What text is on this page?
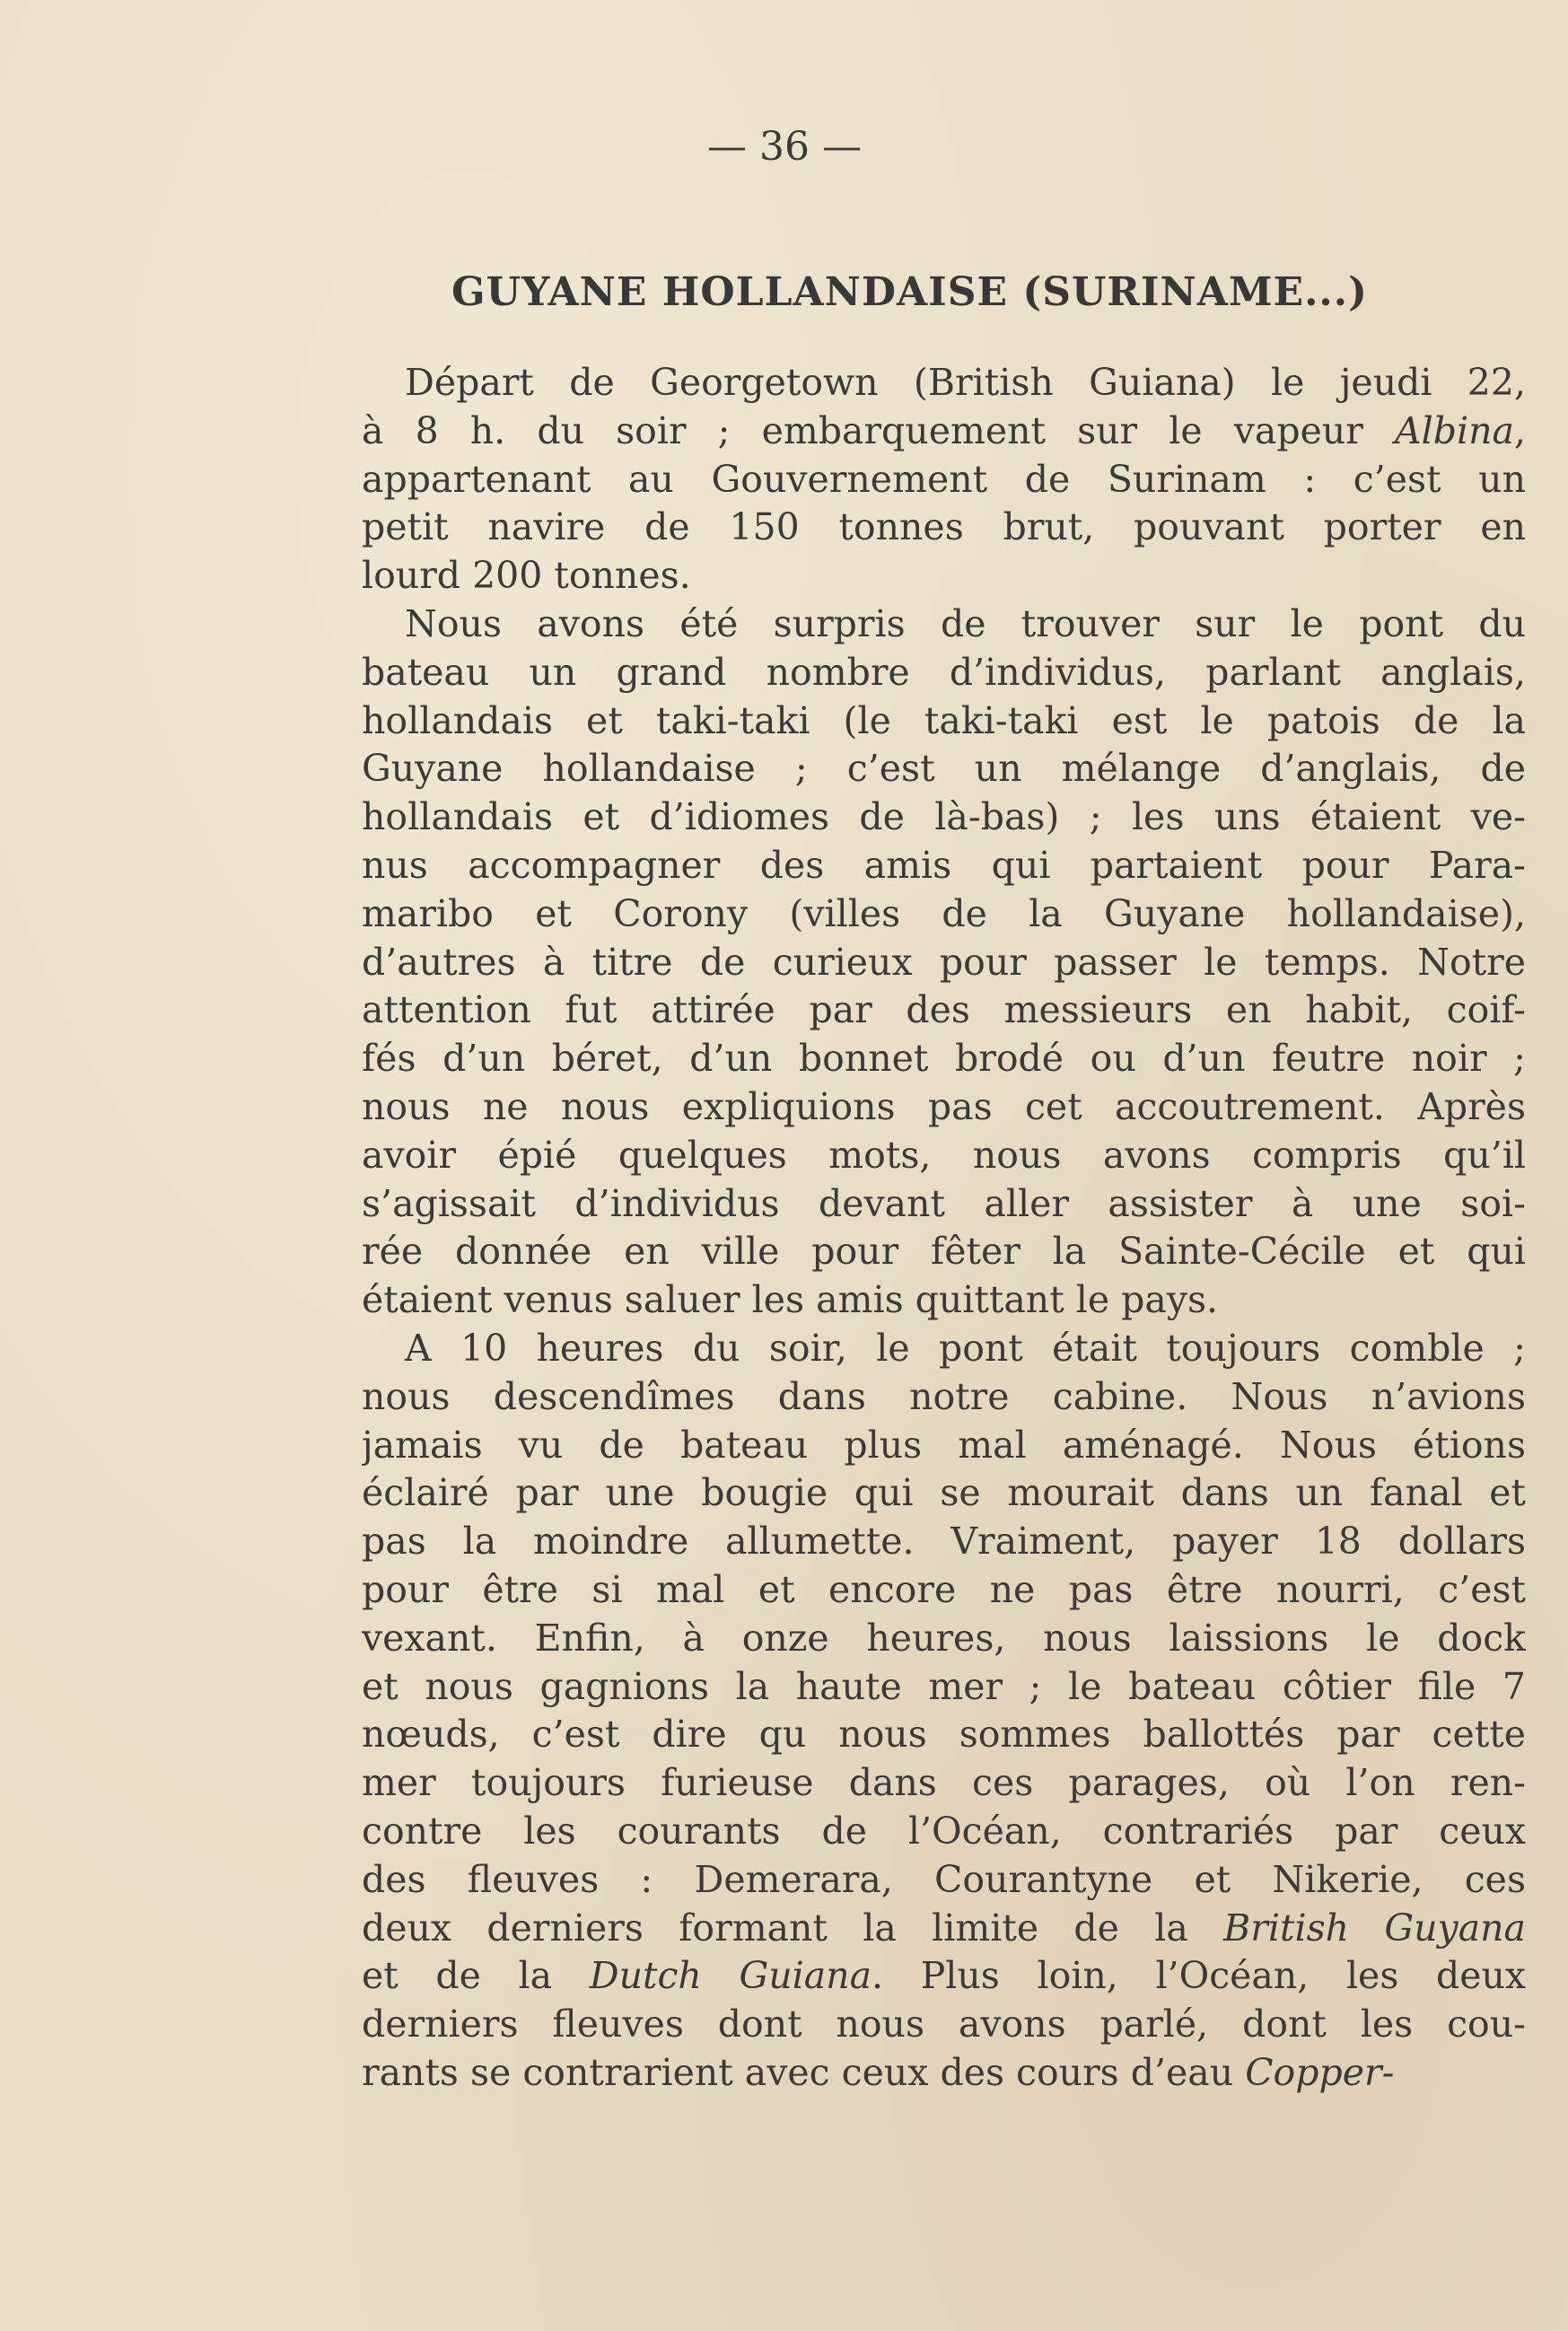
— 36 —
GUYANE HOLLANDAISE (SURINAME...)
Départ de Georgetown (British Guiana) le jeudi 22,
à 8 h. du soir ; embarquement sur le vapeur Albina,
appartenant au Gouvernement de Surinam : c’est un
petit navire de 150 tonnes brut, pouvant porter en
lourd 200 tonnes.
Nous avons été surpris de trouver sur le pont du
bateau un grand nombre d’individus, parlant anglais,
hollandais et taki-taki (le taki-taki est le patois de la
Guyane hollandaise ; c’est un mélange d’anglais, de
hollandais et d’idiomes de là-bas) ; les uns étaient ve-
nus accompagner des amis qui partaient pour Para-
maribo et Corony (villes de la Guyane hollandaise),
d’autres à titre de curieux pour passer le temps. Notre
attention fut attirée par des messieurs en habit, coif-
fés d’un béret, d’un bonnet brodé ou d’un feutre noir ;
nous ne nous expliquions pas cet accoutrement. Après
avoir épié quelques mots, nous avons compris qu’il
s’agissait d’individus devant aller assister à une soi-
rée donnée en ville pour fêter la Sainte-Cécile et qui
étaient venus saluer les amis quittant le pays.
A 10 heures du soir, le pont était toujours comble ;
nous descendîmes dans notre cabine. Nous n’avions
jamais vu de bateau plus mal aménagé. Nous étions
éclairé par une bougie qui se mourait dans un fanal et
pas la moindre allumette. Vraiment, payer 18 dollars
pour être si mal et encore ne pas être nourri, c’est
vexant. Enfin, à onze heures, nous laissions le dock
et nous gagnions la haute mer ; le bateau côtier file 7
nœuds, c’est dire qu nous sommes ballottés par cette
mer toujours furieuse dans ces parages, où l’on ren-
contre les courants de l’Océan, contrariés par ceux
des fleuves : Demerara, Courantyne et Nikerie, ces
deux derniers formant la limite de la British Guyana
et de la Dutch Guiana. Plus loin, l’Océan, les deux
derniers fleuves dont nous avons parlé, dont les cou-
rants se contrarient avec ceux des cours d’eau Copper-
